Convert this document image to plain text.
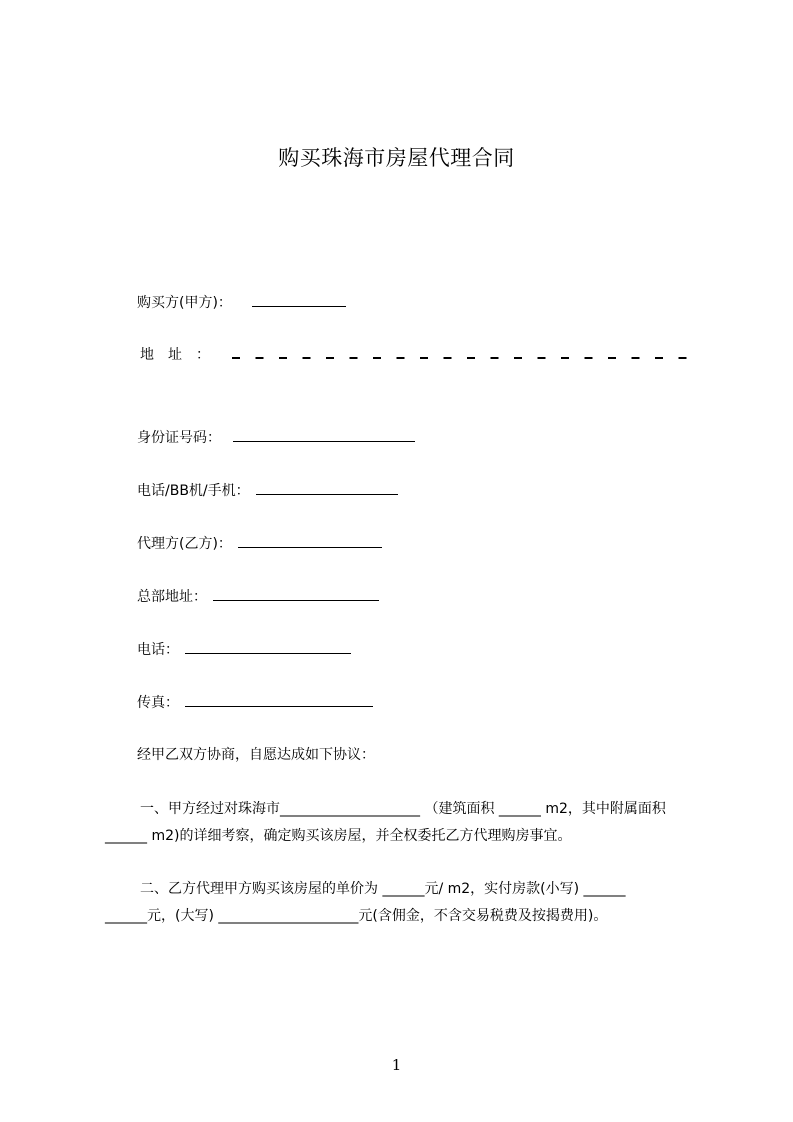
购买珠海市房屋代理合同
购买方(甲方)：
地　址　：
身份证号码：
电话/BB机/手机：
代理方(乙方)：
总部地址：
电话：
传真：
经甲乙双方协商，自愿达成如下协议：
一、甲方经过对珠海市____________________ （建筑面积 ______ m2，其中附属面积
______ m2)的详细考察，确定购买该房屋，并全权委托乙方代理购房事宜。
二、乙方代理甲方购买该房屋的单价为 ______元/ m2，实付房款(小写) ______
______元，(大写) ____________________元(含佣金，不含交易税费及按揭费用)。
1
